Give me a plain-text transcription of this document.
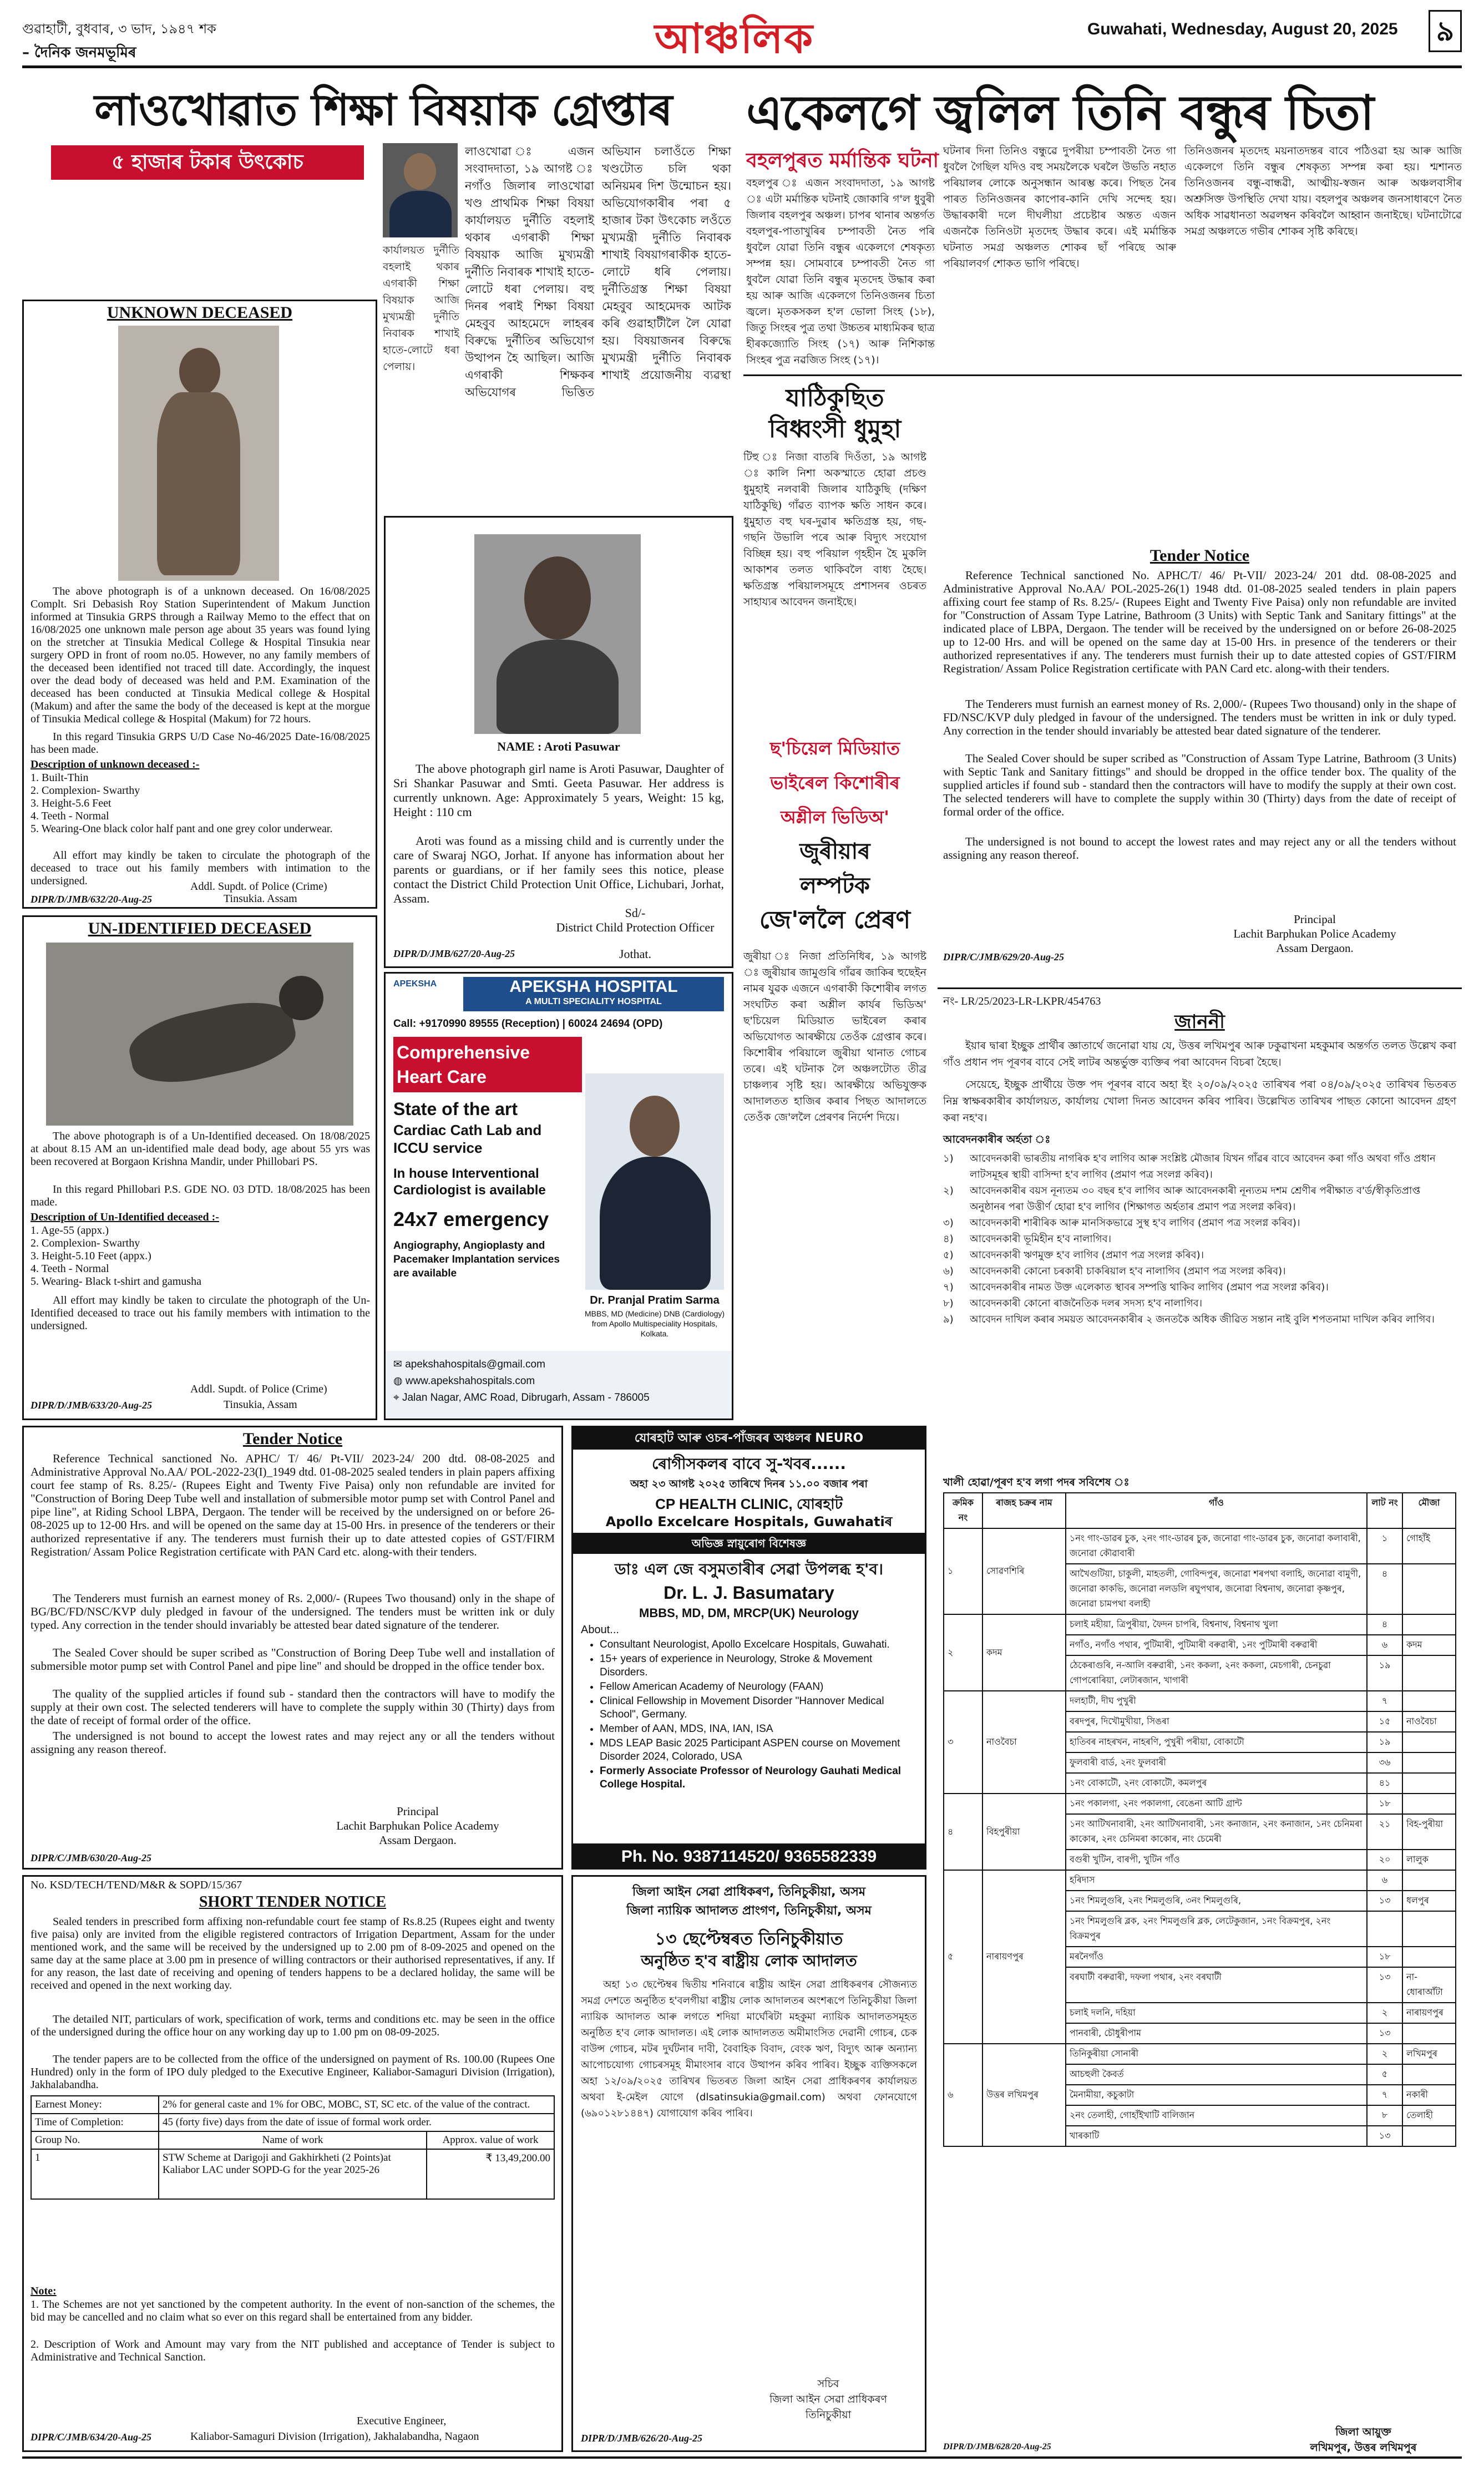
গুৱাহাটী, বুধবাৰ, ৩ ভাদ, ১৯৪৭ শক
– দৈনিক জনমভূমিৰ	আঞ্চলিক	Guwahati, Wednesday, August 20, 2025 ৯
লাওখোৱাত শিক্ষা বিষয়াক গ্ৰেপ্তাৰ
৫ হাজাৰ টকাৰ উৎকোচ	লাওখোৱা ঃ এজন সংবাদদাতা, ১৯ আগষ্ট ঃ নগাঁও জিলাৰ লাওখোৱা খণ্ড প্ৰাথমিক শিক্ষা বিষয়া কাৰ্যালয়ত দুৰ্নীতি বহলাই থকাৰ এগৰাকী শিক্ষা বিষয়াক আজি মুখ্যমন্ত্ৰী দুৰ্নীতি নিবাৰক শাখাই হাতে-লোটে ধৰা পেলায়। বহু দিনৰ পৰাই শিক্ষা বিষয়া মেহবুব আহমেদে লাহৰৰ বিৰুদ্ধে দুৰ্নীতিৰ অভিযোগ উত্থাপন হৈ আছিল। আজি এগৰাকী শিক্ষকৰ অভিযোগৰ ভিত্তিত অভিযান চলাওঁতে শিক্ষা খণ্ডটোত চলি থকা অনিয়মৰ দিশ উন্মোচন হয়। অভিযোগকাৰীৰ পৰা ৫ হাজাৰ টকা উৎকোচ লওঁতে মুখ্যমন্ত্ৰী দুৰ্নীতি নিবাৰক শাখাই বিষয়াগৰাকীক হাতে-লোটে ধৰি পেলায়। দুৰ্নীতিগ্ৰস্ত শিক্ষা বিষয়া মেহবুব আহমেদক আটক কৰি গুৱাহাটীলৈ লৈ যোৱা হয়। বিষয়াজনৰ বিৰুদ্ধে মুখ্যমন্ত্ৰী দুৰ্নীতি নিবাৰক শাখাই প্ৰয়োজনীয় ব্যৱস্থা
কাৰ্যালয়ত দুৰ্নীতি বহলাই থকাৰ এগৰাকী শিক্ষা বিষয়াক আজি মুখ্যমন্ত্ৰী দুৰ্নীতি নিবাৰক শাখাই হাতে-লোটে ধৰা পেলায়।
UNKNOWN DECEASED
The above photograph is of a unknown deceased. On 16/08/2025 Complt. Sri Debasish Roy Station Superintendent of Makum Junction informed at Tinsukia GRPS through a Railway Memo to the effect that on 16/08/2025 one unknown male person age about 35 years was found lying on the stretcher at Tinsukia Medical College & Hospital Tinsukia near surgery OPD in front of room no.05. However, no any family members of the deceased been identified not traced till date. Accordingly, the inquest over the dead body of deceased was held and P.M. Examination of the deceased has been conducted at Tinsukia Medical college & Hospital (Makum) and after the same the body of the deceased is kept at the morgue of Tinsukia Medical college & Hospital (Makum) for 72 hours.
In this regard Tinsukia GRPS U/D Case No-46/2025 Date-16/08/2025 has been made.
Description of unknown deceased :-
1. Built-Thin
2. Complexion- Swarthy
3. Height-5.6 Feet
4. Teeth - Normal
5. Wearing-One black color half pant and one grey color underwear.
All effort may kindly be taken to circulate the photograph of the deceased to trace out his family members with intimation to the undersigned.	Addl. Supdt. of Police (Crime)
DIPR/D/JMB/632/20-Aug-25	Tinsukia. Assam
UN-IDENTIFIED DECEASED
The above photograph is of a Un-Identified deceased. On 18/08/2025 at about 8.15 AM an un-identified male dead body, age about 55 yrs was been recovered at Borgaon Krishna Mandir, under Phillobari PS.
In this regard Phillobari P.S. GDE NO. 03 DTD. 18/08/2025 has been made.
Description of Un-Identified deceased :-
1. Age-55 (appx.)
2. Complexion- Swarthy
3. Height-5.10 Feet (appx.)
4. Teeth - Normal
5. Wearing- Black t-shirt and gamusha
All effort may kindly be taken to circulate the photograph of the Un-Identified deceased to trace out his family members with intimation to the undersigned.
Addl. Supdt. of Police (Crime)
DIPR/D/JMB/633/20-Aug-25	Tinsukia, Assam
NAME : Aroti Pasuwar
The above photograph girl name is Aroti Pasuwar, Daughter of Sri Shankar Pasuwar and Smti. Geeta Pasuwar. Her address is currently unknown. Age: Approximately 5 years, Weight: 15 kg, Height : 110 cm
Aroti was found as a missing child and is currently under the care of Swaraj NGO, Jorhat. If anyone has information about her parents or guardians, or if her family sees this notice, please contact the District Child Protection Unit Office, Lichubari, Jorhat, Assam.
Sd/-
District Child Protection Officer
DIPR/D/JMB/627/20-Aug-25	Jothat.
APEKSHA	APEKSHA HOSPITAL
A MULTI SPECIALITY HOSPITAL
Call: +9170990 89555 (Reception) | 60024 24694 (OPD)
Comprehensive Heart Care
State of the art
Cardiac Cath Lab and ICCU service
In house Interventional Cardiologist is available
24x7 emergency
Angiography, Angioplasty and Pacemaker Implantation services are available
Dr. Pranjal Pratim Sarma
MBBS, MD (Medicine) DNB (Cardiology) from Apollo Multispeciality Hospitals, Kolkata.
✉ apekshahospitals@gmail.com
◍ www.apekshahospitals.com
⌖ Jalan Nagar, AMC Road, Dibrugarh, Assam - 786005
একেলগে জ্বলিল তিনি বন্ধুৰ চিতা
বহলপুৰত মৰ্মান্তিক ঘটনা
বহলপুৰ ঃ এজন সংবাদদাতা, ১৯ আগষ্ট ঃ এটা মৰ্মান্তিক ঘটনাই জোকাৰি গ'ল ধুবুৰী জিলাৰ বহলপুৰ অঞ্চল। চাপৰ থানাৰ অন্তৰ্গত বহলপুৰ-পাতাখুৰিৰ চম্পাবতী নৈত পৰি ধুবলৈ যোৱা তিনি বন্ধুৰ একেলগে শেষকৃত্য সম্পন্ন হয়। সোমবাৰে চম্পাবতী নৈত গা ধুবলৈ যোৱা তিনি বন্ধুৰ মৃতদেহ উদ্ধাৰ কৰা হয় আৰু আজি একেলগে তিনিওজনৰ চিতা জ্বলে। মৃতকসকল হ'ল ভোলা সিংহ (১৮), জিতু সিংহৰ পুত্ৰ তথা উচ্চতৰ মাধ্যমিকৰ ছাত্ৰ হীৰকজ্যোতি সিংহ (১৭) আৰু নিশিকান্ত সিংহৰ পুত্ৰ নৱজিত সিংহ (১৭)।
ঘটনাৰ দিনা তিনিও বন্ধুৱে দুপৰীয়া চম্পাবতী নৈত গা ধুবলৈ গৈছিল যদিও বহু সময়লৈকে ঘৰলৈ উভতি নহাত পৰিয়ালৰ লোকে অনুসন্ধান আৰম্ভ কৰে। পিছত নৈৰ পাৰত তিনিওজনৰ কাপোৰ-কানি দেখি সন্দেহ হয়। উদ্ধাৰকাৰী দলে দীঘলীয়া প্ৰচেষ্টাৰ অন্তত এজন এজনকৈ তিনিওটা মৃতদেহ উদ্ধাৰ কৰে। এই মৰ্মান্তিক ঘটনাত সমগ্ৰ অঞ্চলত শোকৰ ছাঁ পৰিছে আৰু পৰিয়ালবৰ্গ শোকত ভাগি পৰিছে।
তিনিওজনৰ মৃতদেহ ময়নাতদন্তৰ বাবে পঠিওৱা হয় আৰু আজি একেলগে তিনি বন্ধুৰ শেষকৃত্য সম্পন্ন কৰা হয়। শ্মশানত তিনিওজনৰ বন্ধু-বান্ধৱী, আত্মীয়-স্বজন আৰু অঞ্চলবাসীৰ অশ্ৰুসিক্ত উপস্থিতি দেখা যায়। বহলপুৰ অঞ্চলৰ জনসাধাৰণে নৈত অধিক সাৱধানতা অৱলম্বন কৰিবলৈ আহ্বান জনাইছে। ঘটনাটোৱে সমগ্ৰ অঞ্চলতে গভীৰ শোকৰ সৃষ্টি কৰিছে।
যাঠিকুছিত বিধ্বংসী ধুমুহা
টিহু ঃ নিজা বাতৰি দিওঁতা, ১৯ আগষ্ট ঃ কালি নিশা অকস্মাতে হোৱা প্ৰচণ্ড ধুমুহাই নলবাৰী জিলাৰ যাঠিকুছি (দক্ষিণ যাঠিকুছি) গাঁৱত ব্যাপক ক্ষতি সাধন কৰে। ধুমুহাত বহু ঘৰ-দুৱাৰ ক্ষতিগ্ৰস্ত হয়, গছ-গছনি উভালি পৰে আৰু বিদ্যুৎ সংযোগ বিচ্ছিন্ন হয়। বহু পৰিয়াল গৃহহীন হৈ মুকলি আকাশৰ তলত থাকিবলৈ বাধ্য হৈছে। ক্ষতিগ্ৰস্ত পৰিয়ালসমূহে প্ৰশাসনৰ ওচৰত সাহায্যৰ আবেদন জনাইছে।
ছ'চিয়েল মিডিয়াত
ভাইৰেল কিশোৰীৰ
অশ্লীল ভিডিঅ'
জুৰীয়াৰ
লম্পটক
জে'ললৈ প্ৰেৰণ
জুৰীয়া ঃ নিজা প্ৰতিনিধিৰ, ১৯ আগষ্ট ঃ জুৰীয়াৰ জামুগুৰি গাঁৱৰ জাকিৰ হুছেইন নামৰ যুৱক এজনে এগৰাকী কিশোৰীৰ লগত সংঘটিত কৰা অশ্লীল কাৰ্যৰ ভিডিঅ' ছ'চিয়েল মিডিয়াত ভাইৰেল কৰাৰ অভিযোগত আৰক্ষীয়ে তেওঁক গ্ৰেপ্তাৰ কৰে। কিশোৰীৰ পৰিয়ালে জুৰীয়া থানাত গোচৰ তৰে। এই ঘটনাক লৈ অঞ্চলটোত তীব্ৰ চাঞ্চল্যৰ সৃষ্টি হয়। আৰক্ষীয়ে অভিযুক্তক আদালতত হাজিৰ কৰাৰ পিছত আদালতে তেওঁক জে'ললৈ প্ৰেৰণৰ নিৰ্দেশ দিয়ে।
Tender Notice
Reference Technical sanctioned No. APHC/T/ 46/ Pt-VII/ 2023-24/ 201 dtd. 08-08-2025 and Administrative Approval No.AA/ POL-2025-26(1) 1948 dtd. 01-08-2025 sealed tenders in plain papers affixing court fee stamp of Rs. 8.25/- (Rupees Eight and Twenty Five Paisa) only non refundable are invited for "Construction of Assam Type Latrine, Bathroom (3 Units) with Septic Tank and Sanitary fittings" at the indicated place of LBPA, Dergaon. The tender will be received by the undersigned on or before 26-08-2025 up to 12-00 Hrs. and will be opened on the same day at 15-00 Hrs. in presence of the tenderers or their authorized representatives if any. The tenderers must furnish their up to date attested copies of GST/FIRM Registration/ Assam Police Registration certificate with PAN Card etc. along-with their tenders.
The Tenderers must furnish an earnest money of Rs. 2,000/- (Rupees Two thousand) only in the shape of FD/NSC/KVP duly pledged in favour of the undersigned. The tenders must be written in ink or duly typed. Any correction in the tender should invariably be attested bear dated signature of the tenderer.
The Sealed Cover should be super scribed as "Construction of Assam Type Latrine, Bathroom (3 Units) with Septic Tank and Sanitary fittings" and should be dropped in the office tender box. The quality of the supplied articles if found sub - standard then the contractors will have to modify the supply at their own cost. The selected tenderers will have to complete the supply within 30 (Thirty) days from the date of receipt of formal order of the office.
The undersigned is not bound to accept the lowest rates and may reject any or all the tenders without assigning any reason thereof.
Principal
Lachit Barphukan Police Academy
DIPR/C/JMB/629/20-Aug-25
Assam Dergaon.
Tender Notice
Reference Technical sanctioned No. APHC/ T/ 46/ Pt-VII/ 2023-24/ 200 dtd. 08-08-2025 and Administrative Approval No.AA/ POL-2022-23(I)_1949 dtd. 01-08-2025 sealed tenders in plain papers affixing court fee stamp of Rs. 8.25/- (Rupees Eight and Twenty Five Paisa) only non refundable are invited for "Construction of Boring Deep Tube well and installation of submersible motor pump set with Control Panel and pipe line", at Riding School LBPA, Dergaon. The tender will be received by the undersigned on or before 26-08-2025 up to 12-00 Hrs. and will be opened on the same day at 15-00 Hrs. in presence of the tenderers or their authorized representative if any. The tenderers must furnish their up to date attested copies of GST/FIRM Registration/ Assam Police Registration certificate with PAN Card etc. along-with their tenders.
The Tenderers must furnish an earnest money of Rs. 2,000/- (Rupees Two thousand) only in the shape of BG/BC/FD/NSC/KVP duly pledged in favour of the undersigned. The tenders must be written ink or duly typed. Any correction in the tender should invariably be attested bear dated signature of the tenderer.
The Sealed Cover should be super scribed as "Construction of Boring Deep Tube well and installation of submersible motor pump set with Control Panel and pipe line" and should be dropped in the office tender box.
The quality of the supplied articles if found sub - standard then the contractors will have to modify the supply at their own cost. The selected tenderers will have to complete the supply within 30 (Thirty) days from the date of receipt of formal order of the office.
The undersigned is not bound to accept the lowest rates and may reject any or all the tenders without assigning any reason thereof.
Principal
Lachit Barphukan Police Academy
Assam Dergaon.
DIPR/C/JMB/630/20-Aug-25
যোৰহাট আৰু ওচৰ-পাঁজৰৰ অঞ্চলৰ NEURO
ৰোগীসকলৰ বাবে সু-খবৰ......
অহা ২৩ আগষ্ট ২০২৫ তাৰিখে দিনৰ ১১.০০ বজাৰ পৰা
CP HEALTH CLINIC, যোৰহাট
Apollo Excelcare Hospitals, Guwahatiৰ
অভিজ্ঞ স্নায়ুৰোগ বিশেষজ্ঞ
ডাঃ এল জে বসুমতাৰীৰ সেৱা উপলব্ধ হ'ব।
Dr. L. J. Basumatary
MBBS, MD, DM, MRCP(UK) Neurology
About...
• Consultant Neurologist, Apollo Excelcare Hospitals, Guwahati.
• 15+ years of experience in Neurology, Stroke & Movement Disorders.
• Fellow American Academy of Neurology (FAAN)
• Clinical Fellowship in Movement Disorder "Hannover Medical School", Germany.
• Member of AAN, MDS, INA, IAN, ISA
• MDS LEAP Basic 2025 Participant ASPEN course on Movement Disorder 2024, Colorado, USA
• Formerly Associate Professor of Neurology Gauhati Medical College Hospital.
Ph. No. 9387114520/ 9365582339
নং- LR/25/2023-LR-LKPR/454763
জাননী
ইয়াৰ দ্বাৰা ইচ্ছুক প্ৰাৰ্থীৰ জ্ঞাতাৰ্থে জনোৱা যায় যে, উত্তৰ লখিমপুৰ আৰু ঢকুৱাখনা মহকুমাৰ অন্তৰ্গত তলত উল্লেখ কৰা গাঁও প্ৰধান পদ পূৰণৰ বাবে সেই লাটৰ অন্তৰ্ভুক্ত ব্যক্তিৰ পৰা আবেদন বিচৰা হৈছে।
সেয়েহে, ইচ্ছুক প্ৰাৰ্থীয়ে উক্ত পদ পূৰণৰ বাবে অহা ইং ২০/০৯/২০২৫ তাৰিখৰ পৰা ০৪/০৯/২০২৫ তাৰিখৰ ভিতৰত নিম্ন স্বাক্ষৰকাৰীৰ কাৰ্যালয়ত, কাৰ্যালয় খোলা দিনত আবেদন কৰিব পাৰিব। উল্লেখিত তাৰিখৰ পাছত কোনো আবেদন গ্ৰহণ কৰা নহ'ব।
আবেদনকাৰীৰ অৰ্হতা ঃ
১)	আবেদনকাৰী ভাৰতীয় নাগৰিক হ'ব লাগিব আৰু সংশ্লিষ্ট মৌজাৰ যিখন গাঁৱৰ বাবে আবেদন কৰা গাঁও অথবা গাঁও প্ৰধান লাটসমূহৰ স্থায়ী বাসিন্দা হ'ব লাগিব (প্ৰমাণ পত্ৰ সংলগ্ন কৰিব)।
২)	আবেদনকাৰীৰ বয়স নূন্যতম ৩০ বছৰ হ'ব লাগিব আৰু আবেদনকাৰী নূন্যতম দশম শ্ৰেণীৰ পৰীক্ষাত ব'ৰ্ড/স্বীকৃতিপ্ৰাপ্ত অনুষ্ঠানৰ পৰা উত্তীৰ্ণ হোৱা হ'ব লাগিব (শিক্ষাগত অৰ্হতাৰ প্ৰমাণ পত্ৰ সংলগ্ন কৰিব)।
৩)	আবেদনকাৰী শাৰীৰিক আৰু মানসিকভাৱে সুস্থ হ'ব লাগিব (প্ৰমাণ পত্ৰ সংলগ্ন কৰিব)।
৪)	আবেদনকাৰী ভূমিহীন হ'ব নালাগিব।
৫)	আবেদনকাৰী ঋণমুক্ত হ'ব লাগিব (প্ৰমাণ পত্ৰ সংলগ্ন কৰিব)।
৬)	আবেদনকাৰী কোনো চৰকাৰী চাকৰিয়াল হ'ব নালাগিব (প্ৰমাণ পত্ৰ সংলগ্ন কৰিব)।
৭)	আবেদনকাৰীৰ নামত উক্ত এলেকাত স্থাবৰ সম্পত্তি থাকিব লাগিব (প্ৰমাণ পত্ৰ সংলগ্ন কৰিব)।
৮)	আবেদনকাৰী কোনো ৰাজনৈতিক দলৰ সদস্য হ'ব নালাগিব।
৯)	আবেদন দাখিল কৰাৰ সময়ত আবেদনকাৰীৰ ২ জনতকৈ অধিক জীৱিত সন্তান নাই বুলি শপতনামা দাখিল কৰিব লাগিব।
খালী হোৱা/পূৰণ হ'ব লগা পদৰ সবিশেষ ঃ
ক্ৰমিক নং	ৰাজহ চক্ৰৰ নাম	গাঁও	লাট নং	মৌজা
১	সোৱণশিৰি	১নং গাং-ডাৱৰ চুক, ২নং গাং-ডাৱৰ চুক, জনোৱা গাং-ডাৱৰ চুক, জনোৱা কলাবাৰী, জনোৱা কৌৱাবাৰী	১	গোহাঁই
		আখৈগুটিয়া, চাকুলী, মাহতলী, গোবিন্দপুৰ, জনোৱা শৰপথা বলাহি, জনোৱা বামুণী, জনোৱা কাকভি, জনোৱা নলডলি ৰঘুপথাৰ, জনোৱা বিশ্বনাথ, জনোৱা কৃষ্ণপুৰ, জনোৱা চামপথা বলাহী	৪	
২	কদম	চলাই মহীয়া, ত্ৰিপুৰীয়া, ফৈদন চাপৰি, বিশ্বনাথ, বিশ্বনাথ খুলা	৪	
		নগাঁও, নগাঁও পথাৰ, পুটিমাৰী, পুটিমাৰী বৰুৱাৰী, ১নং পুটিমাৰী বৰুৱাৰী	৬	কদম
		ঠেকেৰাগুৰি, ন-আলি বৰুৱাৰী, ১নং ককলা, ২নং ককলা, মেচগাৰী, চেনচুৱা গোপৰোৰিয়া, লেটাৰজান, খাগাৰী	১৯	
৩	নাওবৈচা	দলহাটী, দীঘ পুখুৰী	৭	
		বৰদপুৰ, দিখৌমুখীয়া, সিঙৰা	১৫	নাওবৈচা
		হাতিবৰ নাহৰখন, নাহৰণি, পুখুৰী পৰীয়া, বোকাটৌ	১৯	
		ফুলবাৰী বাৰ্ড, ২নং ফুলবাৰী	৩৬	
		১নং বোকাটৌ, ২নং বোকাটৌ, কমলপুৰ	৪১	
৪	বিহপুৰীয়া	১নং পকালগা, ২নং পকালগা, বেঙেনা আটি গ্ৰান্ট	১৮	
		১নং আটিখনাবাৰী, ২নং আটিখনাবাৰী, ১নং কনাজান, ২নং কনাজান, ১নং চেনিমৰা কাকোৰ, ২নং চেনিমৰা কাকোৰ, নাং চেমেৰী	২১	বিহ-পুৰীয়া
		বগুৰী খুটিন, বাৰপী, খুটিন গাঁও	২০	লালুক
৫	নাৰায়ণপুৰ	হৰিদাস	৬	
		১নং শিমলুগুৰি, ২নং শিমলুগুৰি, ৩নং শিমলুগুৰি,	১৩	ধলপুৰ
		১নং শিমলুগুৰি ব্লক, ২নং শিমলুগুৰি ব্লক, লেটেকুজান, ১নং বিক্ৰমপুৰ, ২নং বিক্ৰমপুৰ		
		মৰনৈগাঁও	১৮	
		বৰঘাটী বৰুৱাৰী, দফলা পথাৰ, ২নং বৰঘাটী	১৩	না-ধোৰাআঁটা
		চলাই দলনি, দহিয়া	২	নাৰায়ণপুৰ
		পানবাৰী, চৌধুৰীপাম	১৩	
৬	উত্তৰ লখিমপুৰ	তিনিকুৰীয়া সোনাৰী	২	লখিমপুৰ
		আচহুলী কৈবৰ্ত	৫	
		মৈনামীয়া, কচুকাটা	৭	নকাৰী
		২নং তেলাহী, গোহাঁইখাটি বালিজান	৮	তেলাহী
		খাৰকাটি	১৩	
DIPR/D/JMB/628/20-Aug-25
জিলা আয়ুক্ত
লখিমপুৰ, উত্তৰ লখিমপুৰ
No. KSD/TECH/TEND/M&R & SOPD/15/367
SHORT TENDER NOTICE
Sealed tenders in prescribed form affixing non-refundable court fee stamp of Rs.8.25 (Rupees eight and twenty five paisa) only are invited from the eligible registered contractors of Irrigation Department, Assam for the under mentioned work, and the same will be received by the undersigned up to 2.00 pm of 8-09-2025 and opened on the same day at the same place at 3.00 pm in presence of willing contractors or their authorised representatives, if any. If for any reason, the last date of receiving and opening of tenders happens to be a declared holiday, the same will be received and opened in the next working day.
The detailed NIT, particulars of work, specification of work, terms and conditions etc. may be seen in the office of the undersigned during the office hour on any working day up to 1.00 pm on 08-09-2025.
The tender papers are to be collected from the office of the undersigned on payment of Rs. 100.00 (Rupees One Hundred) only in the form of IPO duly pledged to the Executive Engineer, Kaliabor-Samaguri Division (Irrigation), Jakhalabandha.
Earnest Money:	2% for general caste and 1% for OBC, MOBC, ST, SC etc. of the value of the contract.	
Time of Completion:	45 (forty five) days from the date of issue of formal work order.	
Group No.	Name of work	Approx. value of work
1	STW Scheme at Darigoji and Gakhirkheti (2 Points)at Kaliabor LAC under SOPD-G for the year 2025-26	₹ 13,49,200.00
Note:
1. The Schemes are not yet sanctioned by the competent authority. In the event of non-sanction of the schemes, the bid may be cancelled and no claim what so ever on this regard shall be entertained from any bidder.
2. Description of Work and Amount may vary from the NIT published and acceptance of Tender is subject to Administrative and Technical Sanction.
Executive Engineer,
DIPR/C/JMB/634/20-Aug-25	Kaliabor-Samaguri Division (Irrigation), Jakhalabandha, Nagaon
জিলা আইন সেৱা প্ৰাধিকৰণ, তিনিচুকীয়া, অসম
জিলা ন্যায়িক আদালত প্ৰাংগণ, তিনিচুকীয়া, অসম
১৩ ছেপ্টেম্বৰত তিনিচুকীয়াত
অনুষ্ঠিত হ'ব ৰাষ্ট্ৰীয় লোক আদালত
অহা ১৩ ছেপ্টেম্বৰ দ্বিতীয় শনিবাৰে ৰাষ্ট্ৰীয় আইন সেৱা প্ৰাধিকৰণৰ সৌজন্যত সমগ্ৰ দেশতে অনুষ্ঠিত হ'বলগীয়া ৰাষ্ট্ৰীয় লোক আদালতৰ অংশৰূপে তিনিচুকীয়া জিলা ন্যায়িক আদালত আৰু লগতে শদিয়া মাৰ্ঘেৰিটা মহকুমা ন্যায়িক আদালতসমূহত অনুষ্ঠিত হ'ব লোক আদালত। এই লোক আদালতত অমীমাংসিত দেৱানী গোচৰ, চেক বাউন্স গোচৰ, মটৰ দুৰ্ঘটনাৰ দাবী, বৈবাহিক বিবাদ, বেংক ঋণ, বিদ্যুৎ আৰু অন্যান্য আপোচযোগ্য গোচৰসমূহ মীমাংসাৰ বাবে উত্থাপন কৰিব পাৰিব। ইচ্ছুক ব্যক্তিসকলে অহা ১২/০৯/২০২৫ তাৰিখৰ ভিতৰত জিলা আইন সেৱা প্ৰাধিকৰণৰ কাৰ্যালয়ত অথবা ই-মেইল যোগে (dlsatinsukia@gmail.com) অথবা ফোনযোগে (৬৯০১২৮১৪৪৭) যোগাযোগ কৰিব পাৰিব।
সচিব
জিলা আইন সেৱা প্ৰাধিকৰণ
তিনিচুকীয়া
DIPR/D/JMB/626/20-Aug-25
